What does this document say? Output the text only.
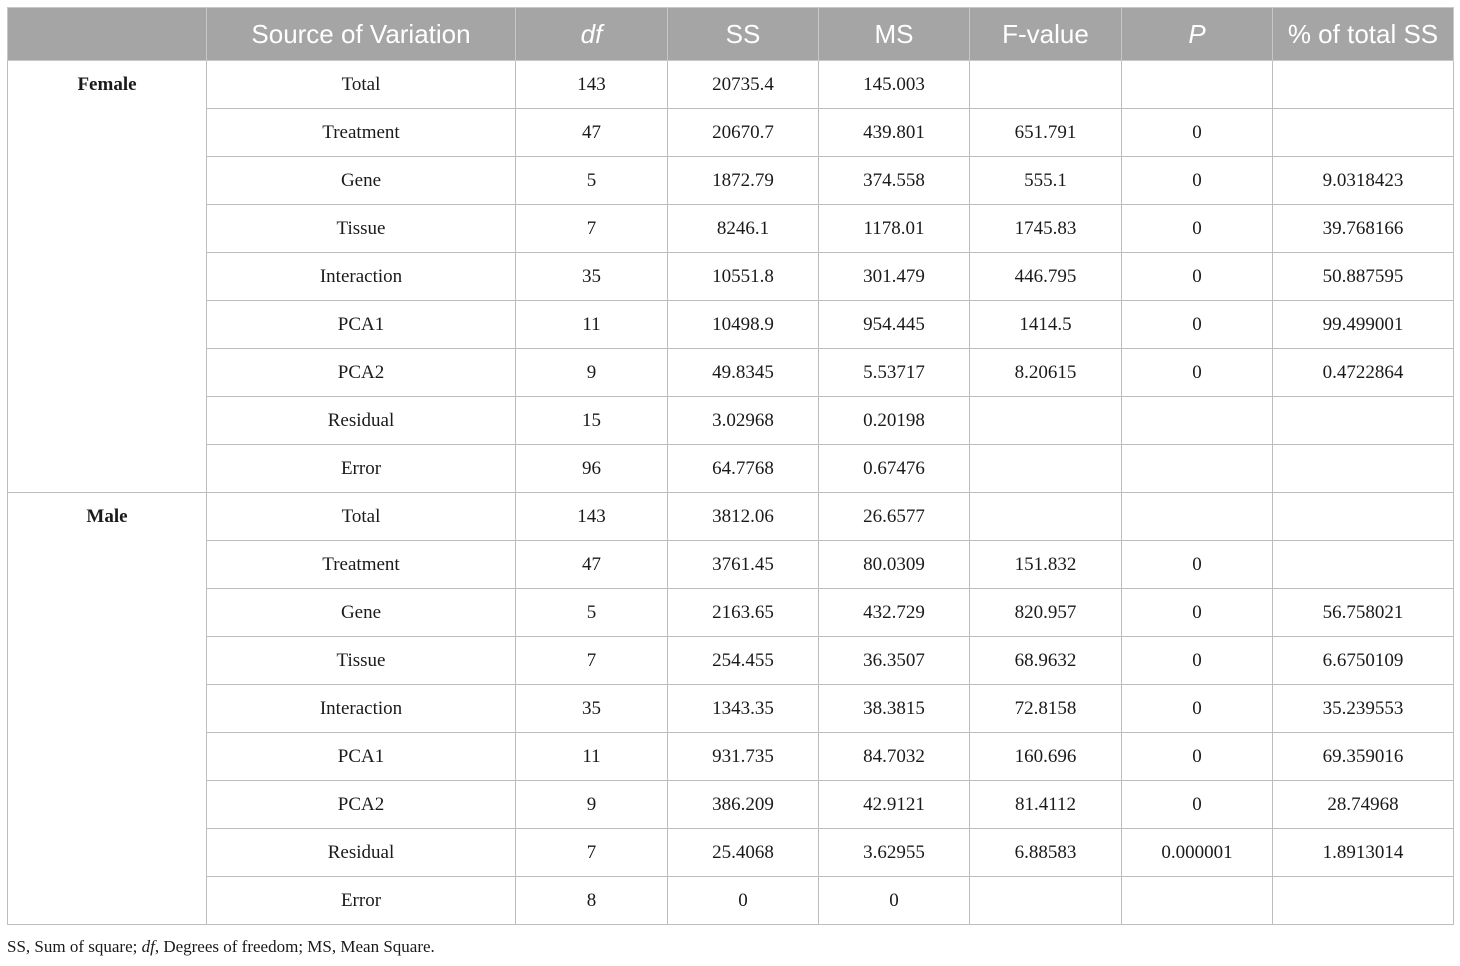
	Source of Variation	df	SS	MS	F-value	P	% of total SS
Female	Total	143	20735.4	145.003			
	Treatment	47	20670.7	439.801	651.791	0	
	Gene	5	1872.79	374.558	555.1	0	9.0318423
	Tissue	7	8246.1	1178.01	1745.83	0	39.768166
	Interaction	35	10551.8	301.479	446.795	0	50.887595
	PCA1	11	10498.9	954.445	1414.5	0	99.499001
	PCA2	9	49.8345	5.53717	8.20615	0	0.4722864
	Residual	15	3.02968	0.20198			
	Error	96	64.7768	0.67476			
Male	Total	143	3812.06	26.6577			
	Treatment	47	3761.45	80.0309	151.832	0	
	Gene	5	2163.65	432.729	820.957	0	56.758021
	Tissue	7	254.455	36.3507	68.9632	0	6.6750109
	Interaction	35	1343.35	38.3815	72.8158	0	35.239553
	PCA1	11	931.735	84.7032	160.696	0	69.359016
	PCA2	9	386.209	42.9121	81.4112	0	28.74968
	Residual	7	25.4068	3.62955	6.88583	0.000001	1.8913014
	Error	8	0	0			
SS, Sum of square; df, Degrees of freedom; MS, Mean Square.
